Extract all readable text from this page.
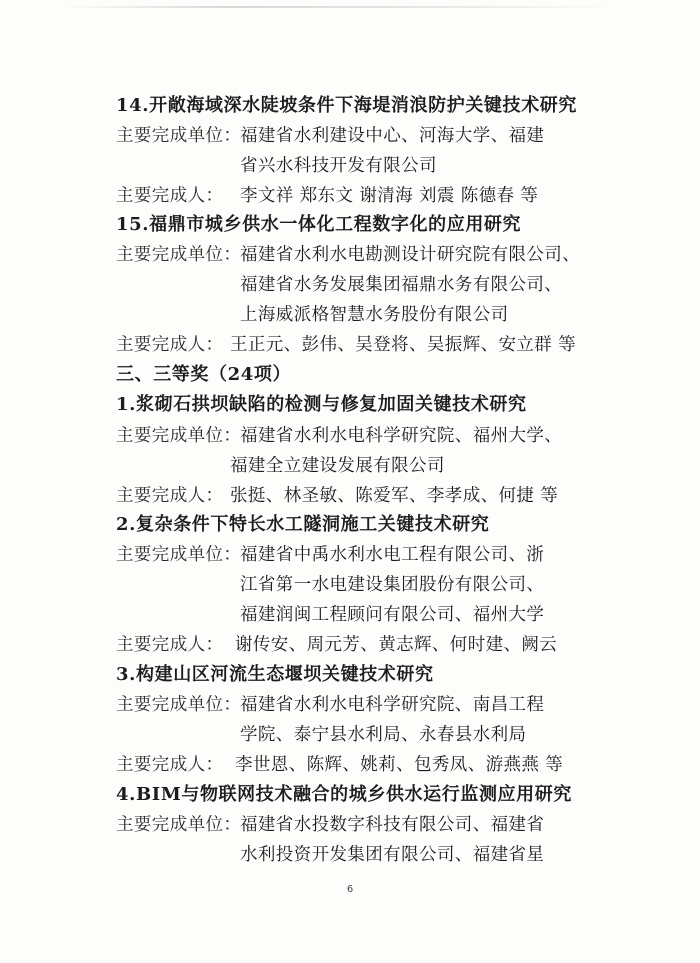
14.开敞海域深水陡坡条件下海堤消浪防护关键技术研究
主要完成单位：
福建省水利建设中心、河海大学、福建
省兴水科技开发有限公司
主要完成人： 李文祥 郑东文 谢清海 刘震 陈德春 等
15.福鼎市城乡供水一体化工程数字化的应用研究
主要完成单位：
福建省水利水电勘测设计研究院有限公司、
福建省水务发展集团福鼎水务有限公司、
上海威派格智慧水务股份有限公司
主要完成人： 王正元、彭伟、吴登将、吴振辉、安立群 等
三、三等奖（24项）
1.浆砌石拱坝缺陷的检测与修复加固关键技术研究
主要完成单位：
福建省水利水电科学研究院、福州大学、
福建全立建设发展有限公司
主要完成人： 张挺、林圣敏、陈爱军、李孝成、何捷 等
2.复杂条件下特长水工隧洞施工关键技术研究
主要完成单位：
福建省中禹水利水电工程有限公司、浙
江省第一水电建设集团股份有限公司、
福建润闽工程顾问有限公司、福州大学
主要完成人： 谢传安、周元芳、黄志辉、何时建、阙云
3.构建山区河流生态堰坝关键技术研究
主要完成单位：
福建省水利水电科学研究院、南昌工程
学院、泰宁县水利局、永春县水利局
主要完成人： 李世恩、陈辉、姚莉、包秀凤、游燕燕 等
4.BIM与物联网技术融合的城乡供水运行监测应用研究
主要完成单位：
福建省水投数字科技有限公司、福建省
水利投资开发集团有限公司、福建省星
6
